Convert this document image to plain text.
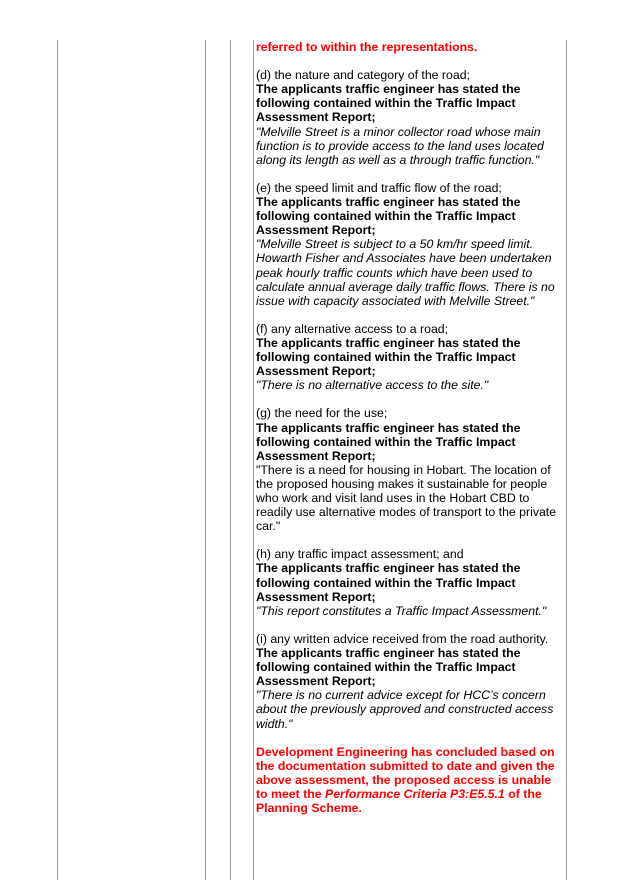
referred to within the representations.

(d) the nature and category of the road;

The applicants traffic engineer has stated the following contained within the Traffic Impact Assessment Report;

"Melville Street is a minor collector road whose main function is to provide access to the land uses located along its length as well as a through traffic function."

(e) the speed limit and traffic flow of the road;

The applicants traffic engineer has stated the following contained within the Traffic Impact Assessment Report;

"Melville Street is subject to a 50 km/hr speed limit. Howarth Fisher and Associates have been undertaken peak hourly traffic counts which have been used to calculate annual average daily traffic flows. There is no issue with capacity associated with Melville Street."

(f) any alternative access to a road;

The applicants traffic engineer has stated the following contained within the Traffic Impact Assessment Report;

"There is no alternative access to the site."

(g) the need for the use;

The applicants traffic engineer has stated the following contained within the Traffic Impact Assessment Report;

"There is a need for housing in Hobart. The location of the proposed housing makes it sustainable for people who work and visit land uses in the Hobart CBD to readily use alternative modes of transport to the private car."

(h) any traffic impact assessment; and

The applicants traffic engineer has stated the following contained within the Traffic Impact Assessment Report;

"This report constitutes a Traffic Impact Assessment."

(i) any written advice received from the road authority.

The applicants traffic engineer has stated the following contained within the Traffic Impact Assessment Report;

"There is no current advice except for HCC’s concern about the previously approved and constructed access width."

Development Engineering has concluded based on the documentation submitted to date and given the above assessment, the proposed access is unable to meet the Performance Criteria P3:E5.5.1 of the Planning Scheme.
